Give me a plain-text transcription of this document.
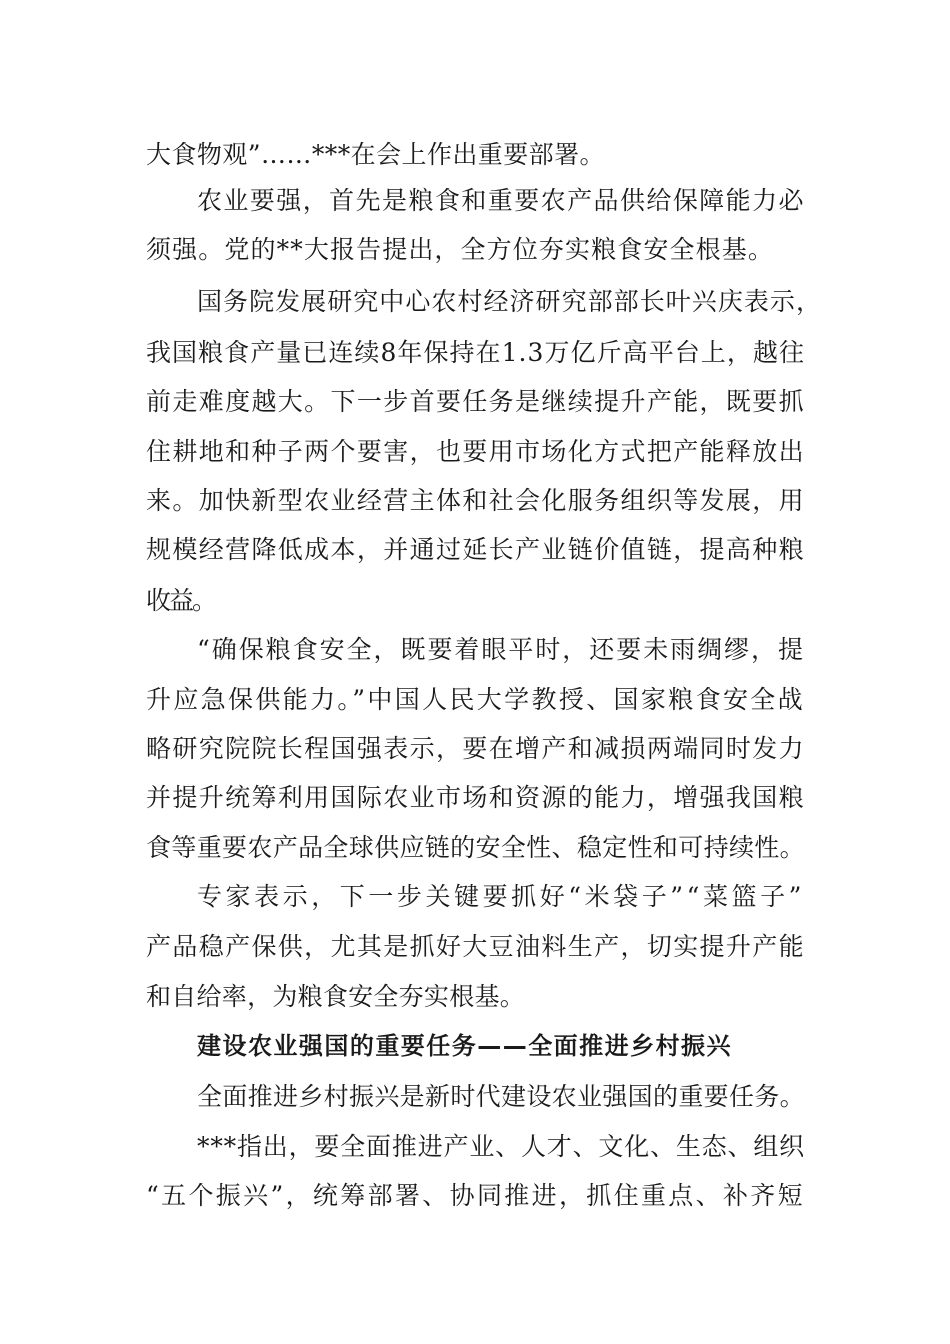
大食物观”……***在会上作出重要部署。
农业要强，首先是粮食和重要农产品供给保障能力必
须强。党的**大报告提出，全方位夯实粮食安全根基。
国务院发展研究中心农村经济研究部部长叶兴庆表示，
我国粮食产量已连续8年保持在1.3万亿斤高平台上，越往
前走难度越大。下一步首要任务是继续提升产能，既要抓
住耕地和种子两个要害，也要用市场化方式把产能释放出
来。加快新型农业经营主体和社会化服务组织等发展，用
规模经营降低成本，并通过延长产业链价值链，提高种粮
收益。
“确保粮食安全，既要着眼平时，还要未雨绸缪，提
升应急保供能力。”中国人民大学教授、国家粮食安全战
略研究院院长程国强表示，要在增产和减损两端同时发力
并提升统筹利用国际农业市场和资源的能力，增强我国粮
食等重要农产品全球供应链的安全性、稳定性和可持续性。
专家表示，下一步关键要抓好“米袋子”“菜篮子”
产品稳产保供，尤其是抓好大豆油料生产，切实提升产能
和自给率，为粮食安全夯实根基。
建设农业强国的重要任务——全面推进乡村振兴
全面推进乡村振兴是新时代建设农业强国的重要任务。
***指出，要全面推进产业、人才、文化、生态、组织
“五个振兴”，统筹部署、协同推进，抓住重点、补齐短
